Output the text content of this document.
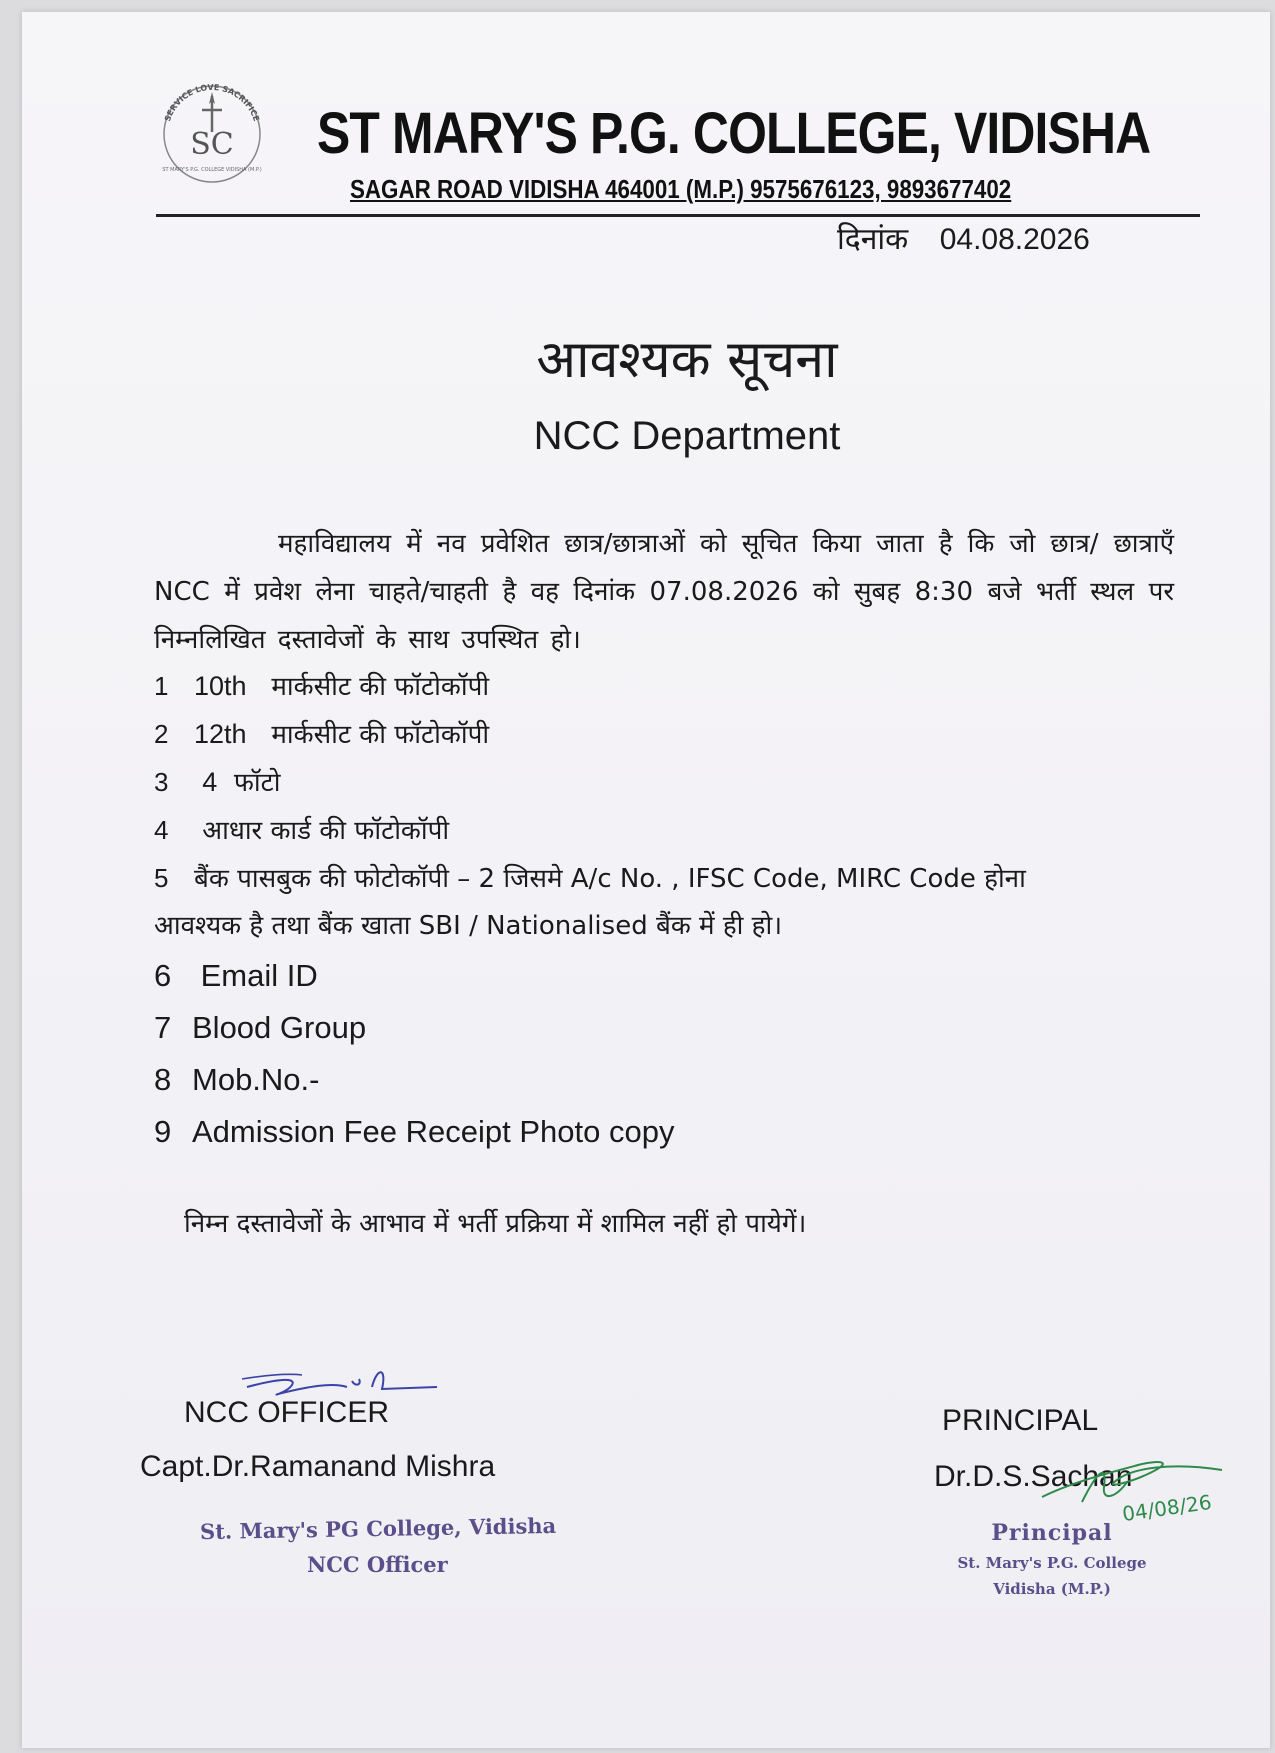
SERVICE LOVE SACRIFICE
SC
ST MARY'S P.G. COLLEGE VIDISHA (M.P.)
ST MARY'S P.G. COLLEGE, VIDISHA
SAGAR ROAD VIDISHA 464001 (M.P.) 9575676123, 9893677402
दिनांक 04.08.2026
आवश्यक सूचना
NCC Department
महाविद्यालय में नव प्रवेशित छात्र/छात्राओं को सूचित किया जाता है कि जो छात्र/ छात्राएँ NCC में प्रवेश लेना चाहते/चाहती है वह दिनांक 07.08.2026 को सुबह 8:30 बजे भर्ती स्थल पर निम्नलिखित दस्तावेजों के साथ उपस्थित हो।
1 10th मार्कसीट की फॉटोकॉपी
2 12th मार्कसीट की फॉटोकॉपी
3 4 फॉटो
4 आधार कार्ड की फॉटोकॉपी
5 बैंक पासबुक की फोटोकॉपी – 2 जिसमे A/c No. , IFSC Code, MIRC Code होना
आवश्यक है तथा बैंक खाता SBI / Nationalised बैंक में ही हो।
6 Email ID
7 Blood Group
8 Mob.No.-
9 Admission Fee Receipt Photo copy
निम्न दस्तावेजों के आभाव में भर्ती प्रक्रिया में शामिल नहीं हो पायेगें।
NCC OFFICER
Capt.Dr.Ramanand Mishra
St. Mary's PG College, Vidisha
NCC Officer
PRINCIPAL
Dr.D.S.Sachan
04/08/26
Principal
St. Mary's P.G. College
Vidisha (M.P.)
